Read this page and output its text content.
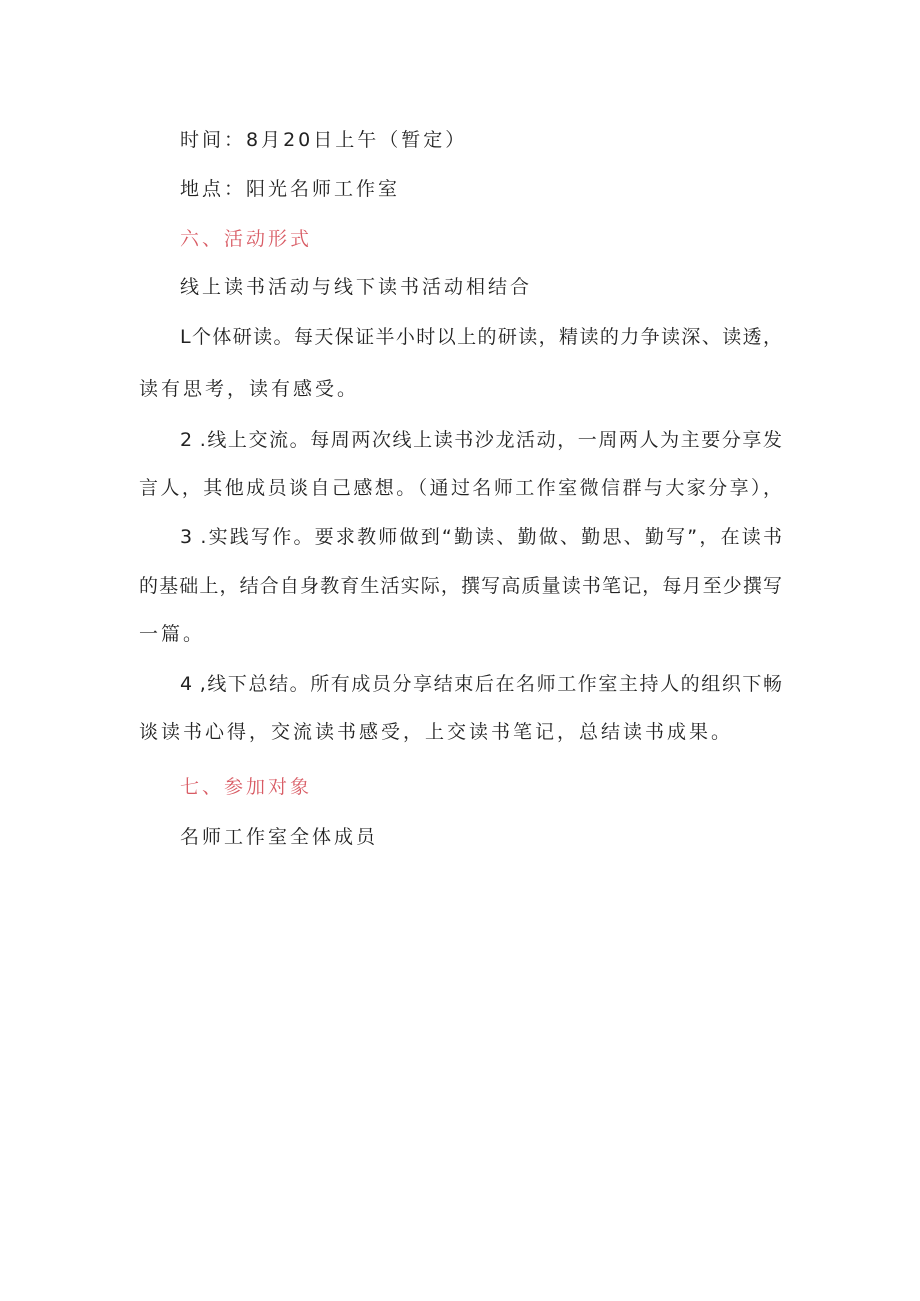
时间：8月20日上午（暂定）
地点：阳光名师工作室
六、活动形式
线上读书活动与线下读书活动相结合
L个体研读。每天保证半小时以上的研读，精读的力争读深、读透，
读有思考，读有感受。
2 .线上交流。每周两次线上读书沙龙活动，一周两人为主要分享发
言人，其他成员谈自己感想。（通过名师工作室微信群与大家分享），
3 .实践写作。要求教师做到“勤读、勤做、勤思、勤写”，在读书
的基础上，结合自身教育生活实际，撰写高质量读书笔记，每月至少撰写
一篇。
4 ,线下总结。所有成员分享结束后在名师工作室主持人的组织下畅
谈读书心得，交流读书感受，上交读书笔记，总结读书成果。
七、参加对象
名师工作室全体成员
